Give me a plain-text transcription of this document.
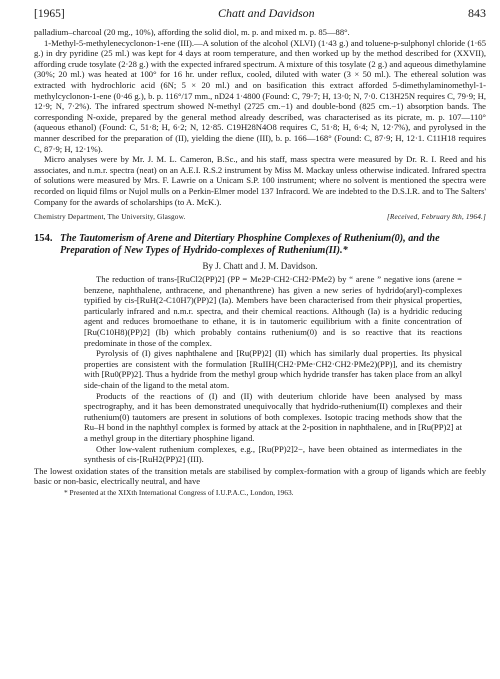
[1965]	Chatt and Davidson	843

palladium–charcoal (20 mg., 10%), affording the solid diol, m. p. and mixed m. p. 85—88°.

1-Methyl-5-methylenecyclonon-1-ene (III).—A solution of the alcohol (XLVI) (1·43 g.) and toluene-p-sulphonyl chloride (1·65 g.) in dry pyridine (25 ml.) was kept for 4 days at room temperature, and then worked up by the method described for (XXVII), affording crude tosylate (2·28 g.) with the expected infrared spectrum. A mixture of this tosylate (2 g.) and aqueous dimethylamine (30%; 20 ml.) was heated at 100° for 16 hr. under reflux, cooled, diluted with water (3 × 50 ml.). The ethereal solution was extracted with hydrochloric acid (6N; 5 × 20 ml.) and on basification this extract afforded 5-dimethylaminomethyl-1-methylcyclonon-1-ene (0·46 g.), b. p. 116°/17 mm., nD24 1·4800 (Found: C, 79·7; H, 13·0; N, 7·0. C13H25N requires C, 79·9; H, 12·9; N, 7·2%). The infrared spectrum showed N-methyl (2725 cm.−1) and double-bond (825 cm.−1) absorption bands. The corresponding N-oxide, prepared by the general method already described, was characterised as its picrate, m. p. 107—110° (aqueous ethanol) (Found: C, 51·8; H, 6·2; N, 12·85. C19H28N4O8 requires C, 51·8; H, 6·4; N, 12·7%), and pyrolysed in the manner described for the preparation of (II), yielding the diene (III), b. p. 166—168° (Found: C, 87·9; H, 12·1. C11H18 requires C, 87·9; H, 12·1%).

Micro analyses were by Mr. J. M. L. Cameron, B.Sc., and his staff, mass spectra were measured by Dr. R. I. Reed and his associates, and n.m.r. spectra (neat) on an A.E.I. R.S.2 instrument by Miss M. Mackay unless otherwise indicated. Infrared spectra of solutions were measured by Mrs. F. Lawrie on a Unicam S.P. 100 instrument; where no solvent is mentioned the spectra were recorded on liquid films or Nujol mulls on a Perkin-Elmer model 137 Infracord. We are indebted to the D.S.I.R. and to The Salters' Company for the awards of scholarships (to A. McK.).

Chemistry Department, The University, Glasgow.	[Received, February 8th, 1964.]
154. The Tautomerism of Arene and Ditertiary Phosphine Complexes of Ruthenium(0), and the Preparation of New Types of Hydrido-complexes of Ruthenium(II).*
By J. Chatt and J. M. Davidson.

The reduction of trans-[RuCl2(PP)2] (PP = Me2P·CH2·CH2·PMe2) by “ arene ” negative ions (arene = benzene, naphthalene, anthracene, and phenanthrene) has given a new series of hydrido(aryl)-complexes typified by cis-[RuH(2-C10H7)(PP)2] (Ia). Members have been characterised from their physical properties, particularly infrared and n.m.r. spectra, and their chemical reactions. Although (Ia) is a hydridic reducing agent and reduces bromoethane to ethane, it is in tautomeric equilibrium with a finite concentration of [Ru(C10H8)(PP)2] (Ib) which probably contains ruthenium(0) and is so reactive that its reactions predominate in those of the complex.

Pyrolysis of (I) gives naphthalene and [Ru(PP)2] (II) which has similarly dual properties. Its physical properties are consistent with the formulation [RuIIH(CH2·PMe·CH2·CH2·PMe2)(PP)], and its chemistry with [Ru0(PP)2]. Thus a hydride from the methyl group which hydride transfer has taken place from an alkyl side-chain of the ligand to the metal atom.

Products of the reactions of (I) and (II) with deuterium chloride have been analysed by mass spectrography, and it has been demonstrated unequivocally that hydrido-ruthenium(II) complexes and their ruthenium(0) tautomers are present in solutions of both complexes. Isotopic tracing methods show that the Ru–H bond in the naphthyl complex is formed by attack at the 2-position in naphthalene, and in [Ru(PP)2] at a methyl group in the ditertiary phosphine ligand.

Other low-valent ruthenium complexes, e.g., [Ru(PP)2]2−, have been obtained as intermediates in the synthesis of cis-[RuH2(PP)2] (III).

The lowest oxidation states of the transition metals are stabilised by complex-formation with a group of ligands which are feebly basic or non-basic, electrically neutral, and have

* Presented at the XIXth International Congress of I.U.P.A.C., London, 1963.
